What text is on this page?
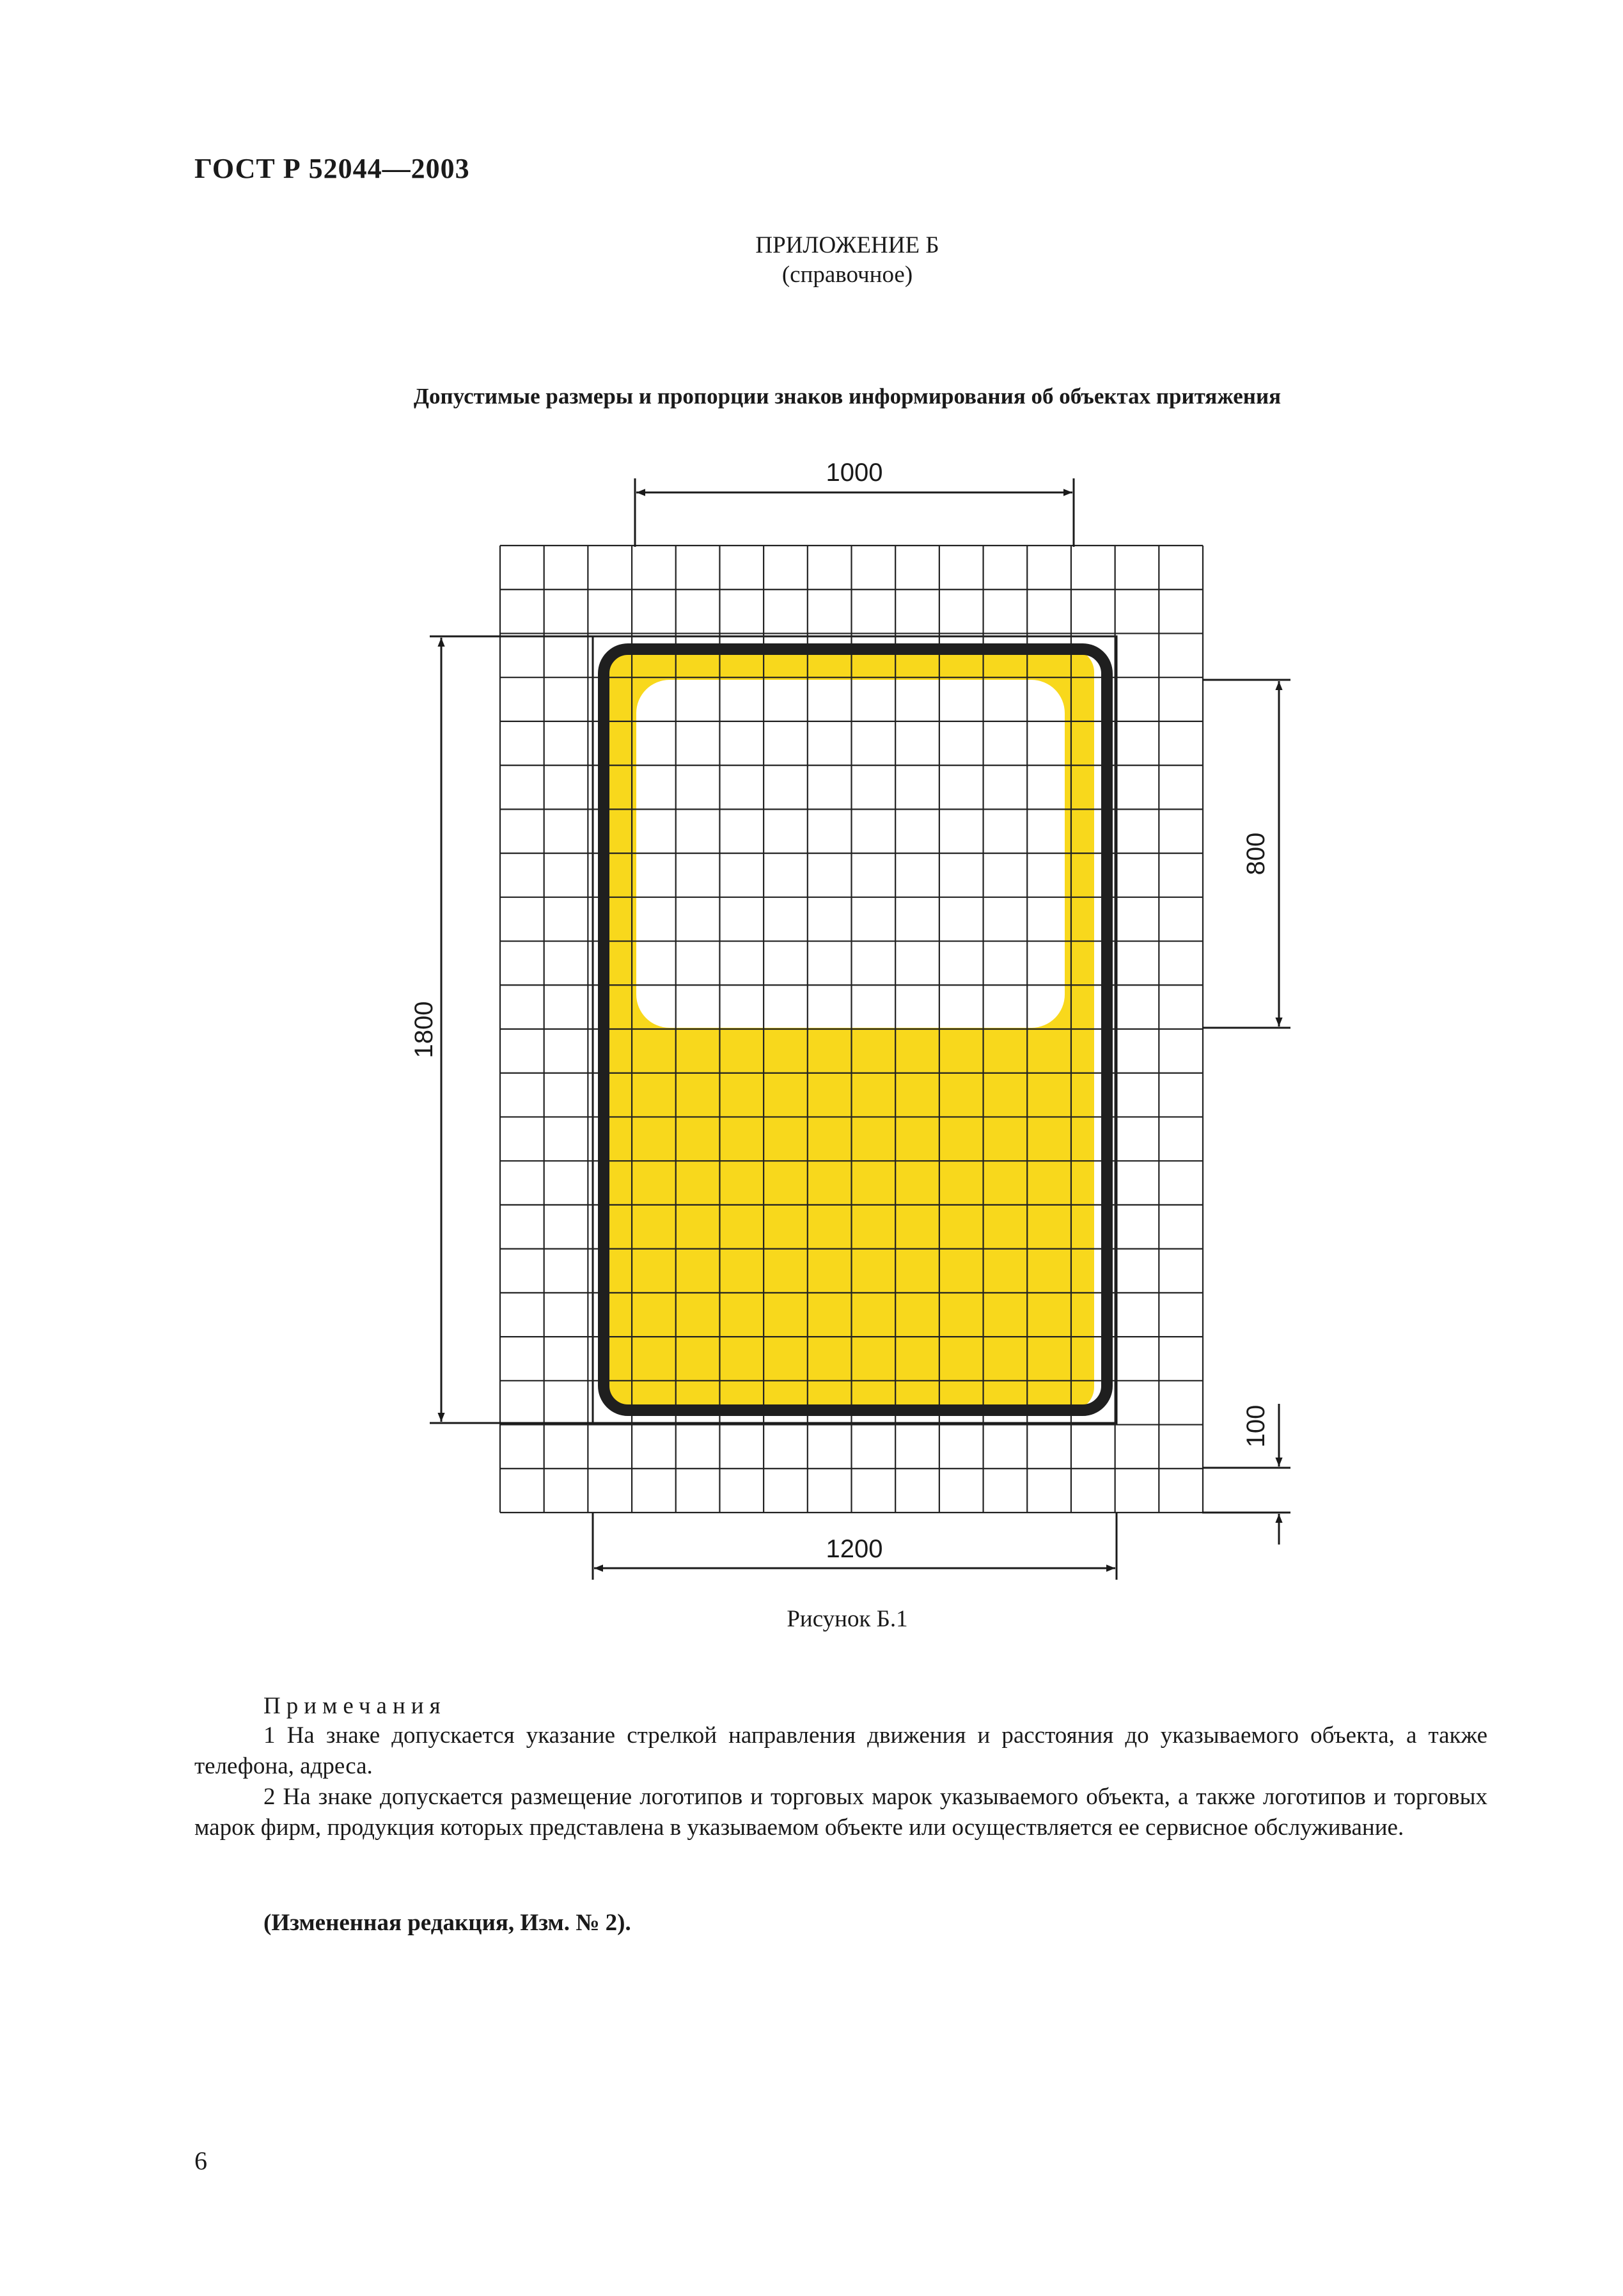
ГОСТ Р 52044—2003
ПРИЛОЖЕНИЕ Б
(справочное)
Допустимые размеры и пропорции знаков информирования об объектах притяжения
1000
1200
1800
800
100
Рисунок Б.1
Примечания

1 На знаке допускается указание стрелкой направления движения и расстояния до указываемого объекта, а также телефона, адреса.

2 На знаке допускается размещение логотипов и торговых марок указываемого объекта, а также логотипов и торговых марок фирм, продукция которых представлена в указываемом объекте или осуществляется ее сервисное обслуживание.

(Измененная редакция, Изм. № 2).
6
